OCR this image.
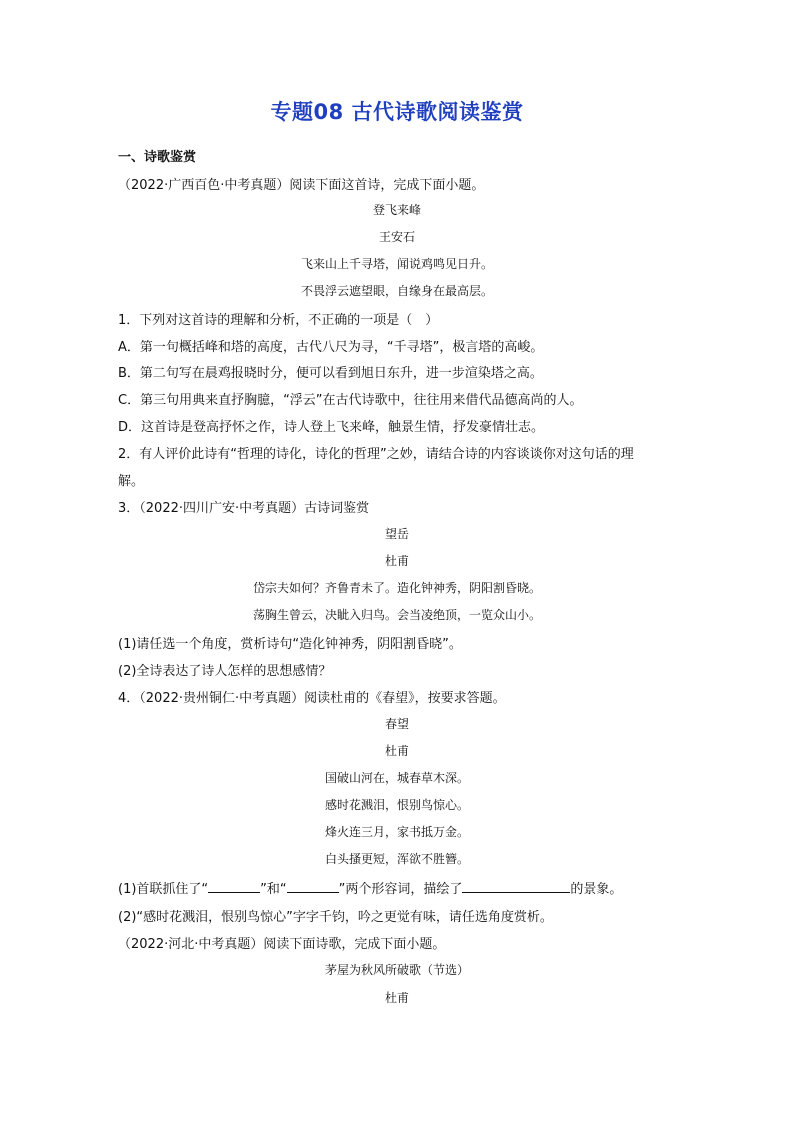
专题08 古代诗歌阅读鉴赏
一、诗歌鉴赏
（2022·广西百色·中考真题）阅读下面这首诗，完成下面小题。
登飞来峰
王安石
飞来山上千寻塔，闻说鸡鸣见日升。
不畏浮云遮望眼，自缘身在最高层。
1．下列对这首诗的理解和分析，不正确的一项是（　）
A．第一句概括峰和塔的高度，古代八尺为寻，“千寻塔”，极言塔的高峻。
B．第二句写在晨鸡报晓时分，便可以看到旭日东升，进一步渲染塔之高。
C．第三句用典来直抒胸臆，“浮云”在古代诗歌中，往往用来借代品德高尚的人。
D．这首诗是登高抒怀之作，诗人登上飞来峰，触景生情，抒发豪情壮志。
2．有人评价此诗有“哲理的诗化，诗化的哲理”之妙，请结合诗的内容谈谈你对这句话的理
解。
3．（2022·四川广安·中考真题）古诗词鉴赏
望岳
杜甫
岱宗夫如何？齐鲁青未了。造化钟神秀，阴阳割昏晓。
荡胸生曾云，决眦入归鸟。会当凌绝顶，一览众山小。
(1)请任选一个角度，赏析诗句“造化钟神秀，阴阳割昏晓”。
(2)全诗表达了诗人怎样的思想感情？
4．（2022·贵州铜仁·中考真题）阅读杜甫的《春望》，按要求答题。
春望
杜甫
国破山河在，城春草木深。
感时花溅泪，恨别鸟惊心。
烽火连三月，家书抵万金。
白头搔更短，浑欲不胜簪。
(1)首联抓住了“	”和“	”两个形容词，描绘了	的景象。
(2)“感时花溅泪，恨别鸟惊心”字字千钧，吟之更觉有味，请任选角度赏析。
（2022·河北·中考真题）阅读下面诗歌，完成下面小题。
茅屋为秋风所破歌（节选）
杜甫
